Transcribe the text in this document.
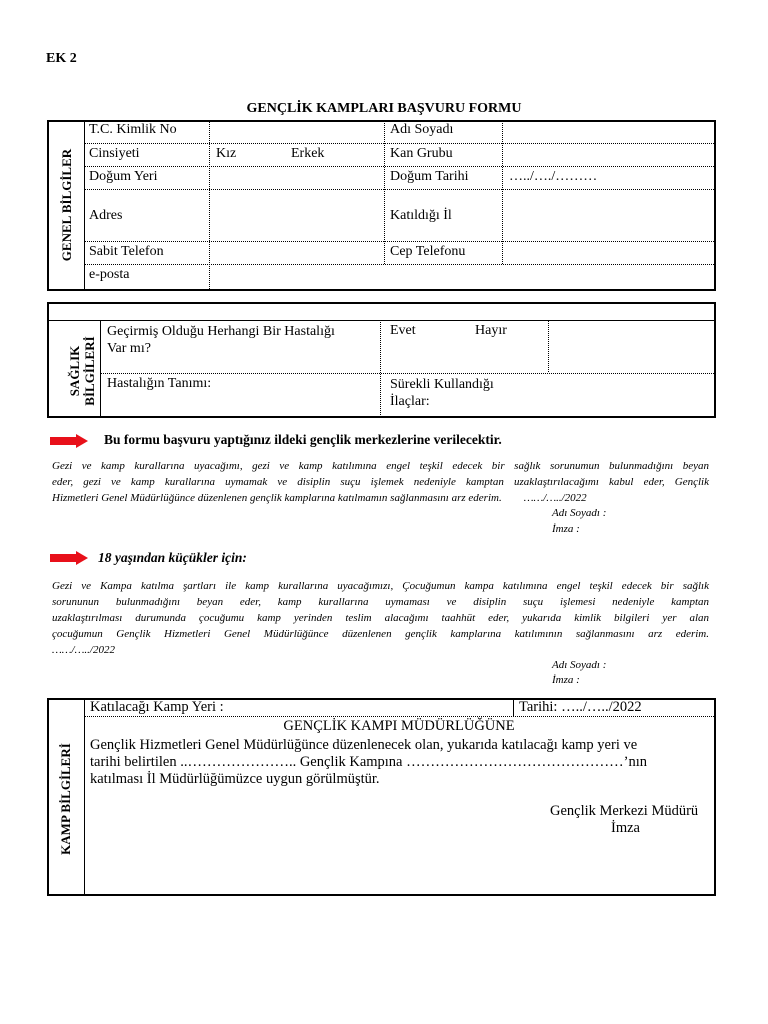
EK 2
GENÇLİK KAMPLARI BAŞVURU FORMU
GENEL BİLGİLER
T.C. Kimlik No	Adı Soyadı
Cinsiyeti	Kız	Erkek	Kan Grubu
Doğum Yeri	Doğum Tarihi	…../…./………
Adres	Katıldığı İl
Sabit Telefon	Cep Telefonu
e-posta
SAĞLIK BİLGİLERİ
Geçirmiş Olduğu Herhangi Bir Hastalığı
Var mı?
Evet	Hayır
Hastalığın Tanımı:	Sürekli Kullandığı
İlaçlar:
Bu formu başvuru yaptığınız ildeki gençlik merkezlerine verilecektir.
Gezi ve kamp kurallarına uyacağımı, gezi ve kamp katılımına engel teşkil edecek bir sağlık sorunumun bulunmadığını beyan
eder, gezi ve kamp kurallarına uymamak ve disiplin suçu işlemek nedeniyle kamptan uzaklaştırılacağımı kabul eder, Gençlik
Hizmetleri Genel Müdürlüğünce düzenlenen gençlik kamplarına katılmamın sağlanmasını arz ederim. ……/…../2022
Adı Soyadı :
İmza :
18 yaşından küçükler için:
Gezi ve Kampa katılma şartları ile kamp kurallarına uyacağımızı, Çocuğumun kampa katılımına engel teşkil edecek bir sağlık
sorununun bulunmadığını beyan eder, kamp kurallarına uymaması ve disiplin suçu işlemesi nedeniyle kamptan
uzaklaştırılması durumunda çocuğumu kamp yerinden teslim alacağımı taahhüt eder, yukarıda kimlik bilgileri yer alan
çocuğumun Gençlik Hizmetleri Genel Müdürlüğünce düzenlenen gençlik kamplarına katılımının sağlanmasını arz ederim.
……/…../2022
Adı Soyadı :
İmza :
KAMP BİLGİLERİ
Katılacağı Kamp Yeri :	Tarihi: …../…../2022
GENÇLİK KAMPI MÜDÜRLÜĞÜNE
Gençlik Hizmetleri Genel Müdürlüğünce düzenlenecek olan, yukarıda katılacağı kamp yeri ve
tarihi belirtilen ..………………….. Gençlik Kampına ………………………………………’nın
katılması İl Müdürlüğümüzce uygun görülmüştür.
Gençlik Merkezi Müdürü
İmza
